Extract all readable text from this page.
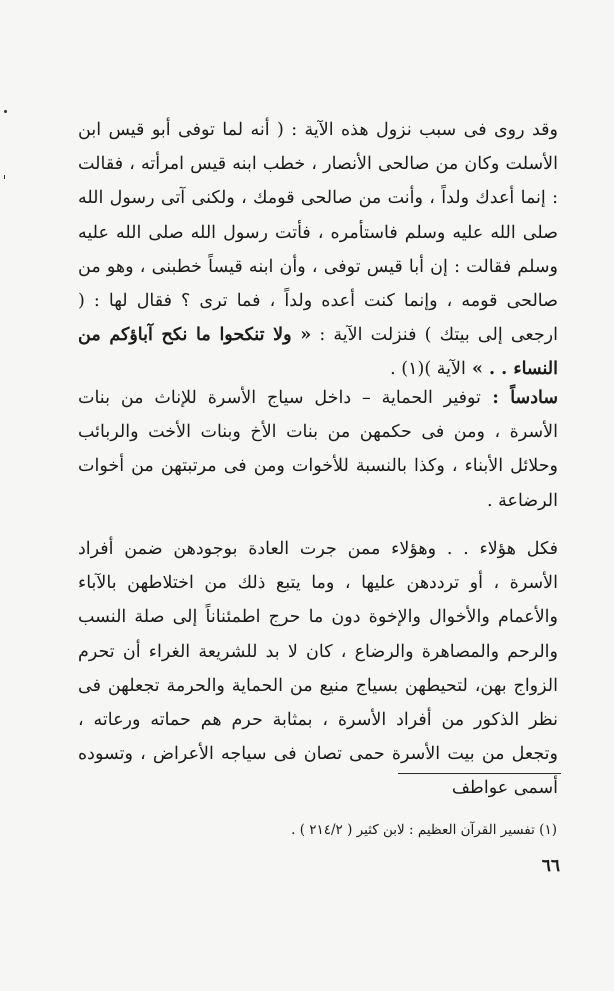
وقد روى فى سبب نزول هذه الآية : ( أنه لما توفى أبو قيس ابن الأسلت وكان من صالحى الأنصار ، خطب ابنه قيس امرأته ، فقالت : إنما أعدك ولداً ، وأنت من صالحى قومك ، ولكنى آتى رسول الله صلى الله عليه وسلم فاستأمره ، فأتت رسول الله صلى الله عليه وسلم فقالت : إن أبا قيس توفى ، وأن ابنه قيساً خطبنى ، وهو من صالحى قومه ، وإنما كنت أعده ولداً ، فما ترى ؟ فقال لها : ( ارجعى إلى بيتك ) فنزلت الآية : « ولا تنكحوا ما نكح آباؤكم من النساء . . » الآية )(١) .

سادساً : توفير الحماية – داخل سياج الأسرة للإناث من بنات الأسرة ، ومن فى حكمهن من بنات الأخ وبنات الأخت والربائب وحلائل الأبناء ، وكذا بالنسبة للأخوات ومن فى مرتبتهن من أخوات الرضاعة .

فكل هؤلاء . . وهؤلاء ممن جرت العادة بوجودهن ضمن أفراد الأسرة ، أو ترددهن عليها ، وما يتبع ذلك من اختلاطهن بالآباء والأعمام والأخوال والإخوة دون ما حرج اطمئناناً إلى صلة النسب والرحم والمصاهرة والرضاع ، كان لا بد للشريعة الغراء أن تحرم الزواج بهن، لتحيطهن بسياج منيع من الحماية والحرمة تجعلهن فى نظر الذكور من أفراد الأسرة ، بمثابة حرم هم حماته ورعاته ، وتجعل من بيت الأسرة حمى تصان فى سياجه الأعراض ، وتسوده أسمى عواطف

(١) تفسير القرآن العظيم : لابن كثير ( ٢١٤/٢ ) .
٦٦
